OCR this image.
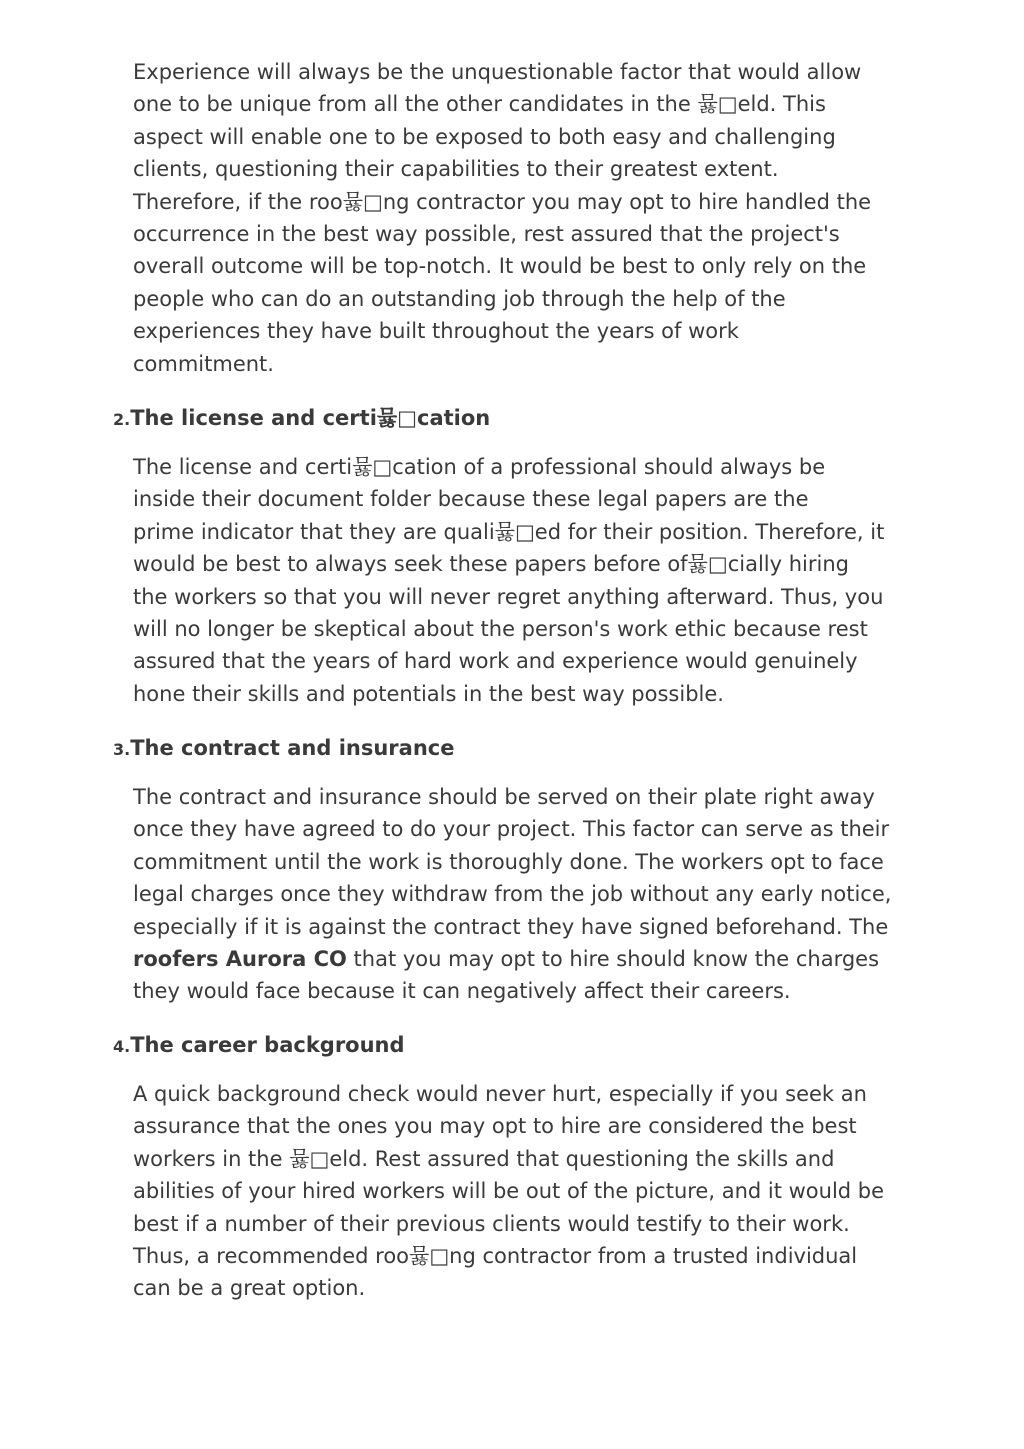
Experience will always be the unquestionable factor that would allow
one to be unique from all the other candidates in the 뮳□eld. This
aspect will enable one to be exposed to both easy and challenging
clients, questioning their capabilities to their greatest extent.
Therefore, if the roo뮳□ng contractor you may opt to hire handled the
occurrence in the best way possible, rest assured that the project's
overall outcome will be top-notch. It would be best to only rely on the
people who can do an outstanding job through the help of the
experiences they have built throughout the years of work
commitment.

2.The license and certi뮳□cation

The license and certi뮳□cation of a professional should always be
inside their document folder because these legal papers are the
prime indicator that they are quali뮳□ed for their position. Therefore, it
would be best to always seek these papers before of뮳□cially hiring
the workers so that you will never regret anything afterward. Thus, you
will no longer be skeptical about the person's work ethic because rest
assured that the years of hard work and experience would genuinely
hone their skills and potentials in the best way possible.

3.The contract and insurance

The contract and insurance should be served on their plate right away
once they have agreed to do your project. This factor can serve as their
commitment until the work is thoroughly done. The workers opt to face
legal charges once they withdraw from the job without any early notice,
especially if it is against the contract they have signed beforehand. The
roofers Aurora CO that you may opt to hire should know the charges
they would face because it can negatively affect their careers.

4.The career background

A quick background check would never hurt, especially if you seek an
assurance that the ones you may opt to hire are considered the best
workers in the 뮳□eld. Rest assured that questioning the skills and
abilities of your hired workers will be out of the picture, and it would be
best if a number of their previous clients would testify to their work.
Thus, a recommended roo뮳□ng contractor from a trusted individual
can be a great option.
